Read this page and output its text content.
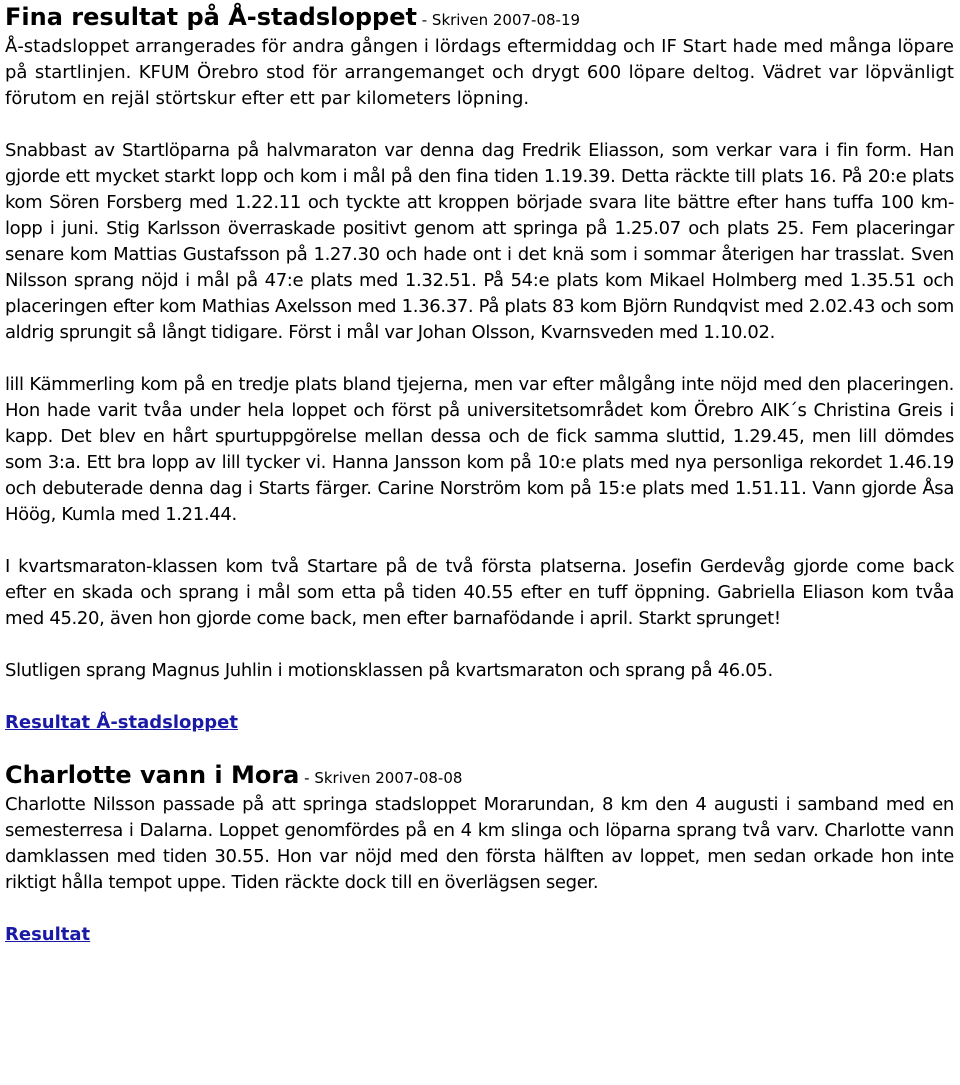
Fina resultat på Å-stadsloppet - Skriven 2007-08-19

Å-stadsloppet arrangerades för andra gången i lördags eftermiddag och IF Start hade med många löpare på startlinjen. KFUM Örebro stod för arrangemanget och drygt 600 löpare deltog. Vädret var löpvänligt förutom en rejäl störtskur efter ett par kilometers löpning.

Snabbast av Startlöparna på halvmaraton var denna dag Fredrik Eliasson, som verkar vara i fin form. Han gjorde ett mycket starkt lopp och kom i mål på den fina tiden 1.19.39. Detta räckte till plats 16. På 20:e plats kom Sören Forsberg med 1.22.11 och tyckte att kroppen började svara lite bättre efter hans tuffa 100 km-lopp i juni. Stig Karlsson överraskade positivt genom att springa på 1.25.07 och plats 25. Fem placeringar senare kom Mattias Gustafsson på 1.27.30 och hade ont i det knä som i sommar återigen har trasslat. Sven Nilsson sprang nöjd i mål på 47:e plats med 1.32.51. På 54:e plats kom Mikael Holmberg med 1.35.51 och placeringen efter kom Mathias Axelsson med 1.36.37. På plats 83 kom Björn Rundqvist med 2.02.43 och som aldrig sprungit så långt tidigare. Först i mål var Johan Olsson, Kvarnsveden med 1.10.02.

lill Kämmerling kom på en tredje plats bland tjejerna, men var efter målgång inte nöjd med den placeringen. Hon hade varit tvåa under hela loppet och först på universitetsområdet kom Örebro AIK´s Christina Greis i kapp. Det blev en hårt spurtuppgörelse mellan dessa och de fick samma sluttid, 1.29.45, men lill dömdes som 3:a. Ett bra lopp av lill tycker vi. Hanna Jansson kom på 10:e plats med nya personliga rekordet 1.46.19 och debuterade denna dag i Starts färger. Carine Norström kom på 15:e plats med 1.51.11. Vann gjorde Åsa Höög, Kumla med 1.21.44.

I kvartsmaraton-klassen kom två Startare på de två första platserna. Josefin Gerdevåg gjorde come back efter en skada och sprang i mål som etta på tiden 40.55 efter en tuff öppning. Gabriella Eliason kom tvåa med 45.20, även hon gjorde come back, men efter barnafödande i april. Starkt sprunget!

Slutligen sprang Magnus Juhlin i motionsklassen på kvartsmaraton och sprang på 46.05.

Resultat Å-stadsloppet
Charlotte vann i Mora - Skriven 2007-08-08

Charlotte Nilsson passade på att springa stadsloppet Morarundan, 8 km den 4 augusti i samband med en semesterresa i Dalarna. Loppet genomfördes på en 4 km slinga och löparna sprang två varv. Charlotte vann damklassen med tiden 30.55. Hon var nöjd med den första hälften av loppet, men sedan orkade hon inte riktigt hålla tempot uppe. Tiden räckte dock till en överlägsen seger.

Resultat
